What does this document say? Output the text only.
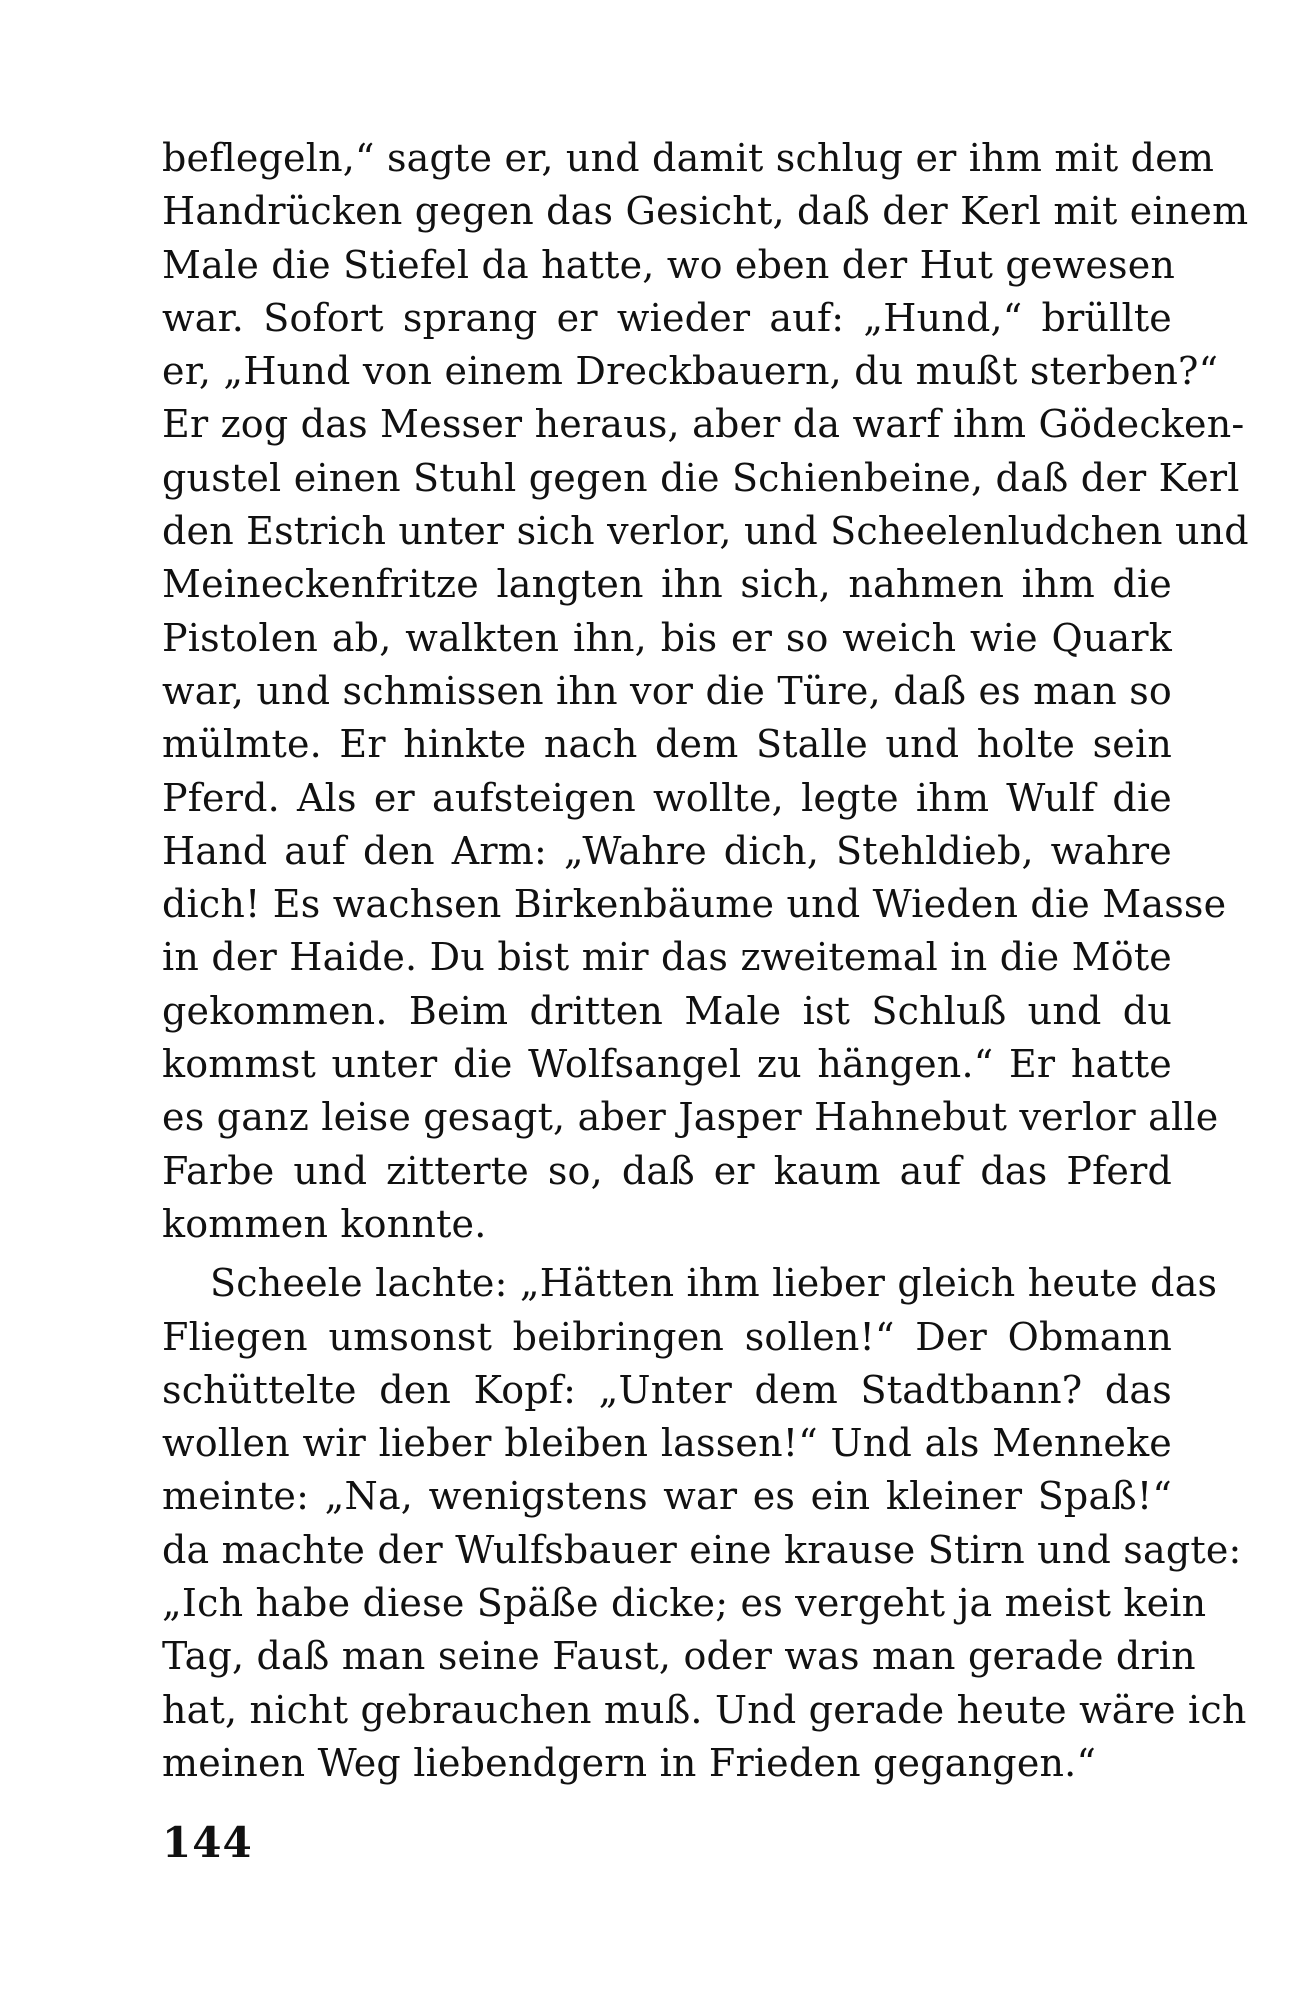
beflegeln,“ sagte er, und damit schlug er ihm mit dem
Handrücken gegen das Gesicht, daß der Kerl mit einem
Male die Stiefel da hatte, wo eben der Hut gewesen
war. Sofort sprang er wieder auf: „Hund,“ brüllte
er, „Hund von einem Dreckbauern, du mußt sterben?“
Er zog das Messer heraus, aber da warf ihm Gödecken-
gustel einen Stuhl gegen die Schienbeine, daß der Kerl
den Estrich unter sich verlor, und Scheelenludchen und
Meineckenfritze langten ihn sich, nahmen ihm die
Pistolen ab, walkten ihn, bis er so weich wie Quark
war, und schmissen ihn vor die Türe, daß es man so
mülmte. Er hinkte nach dem Stalle und holte sein
Pferd. Als er aufsteigen wollte, legte ihm Wulf die
Hand auf den Arm: „Wahre dich, Stehldieb, wahre
dich! Es wachsen Birkenbäume und Wieden die Masse
in der Haide. Du bist mir das zweitemal in die Möte
gekommen. Beim dritten Male ist Schluß und du
kommst unter die Wolfsangel zu hängen.“ Er hatte
es ganz leise gesagt, aber Jasper Hahnebut verlor alle
Farbe und zitterte so, daß er kaum auf das Pferd
kommen konnte.
Scheele lachte: „Hätten ihm lieber gleich heute das
Fliegen umsonst beibringen sollen!“ Der Obmann
schüttelte den Kopf: „Unter dem Stadtbann? das
wollen wir lieber bleiben lassen!“ Und als Menneke
meinte: „Na, wenigstens war es ein kleiner Spaß!“
da machte der Wulfsbauer eine krause Stirn und sagte:
„Ich habe diese Späße dicke; es vergeht ja meist kein
Tag, daß man seine Faust, oder was man gerade drin
hat, nicht gebrauchen muß. Und gerade heute wäre ich
meinen Weg liebendgern in Frieden gegangen.“
144
